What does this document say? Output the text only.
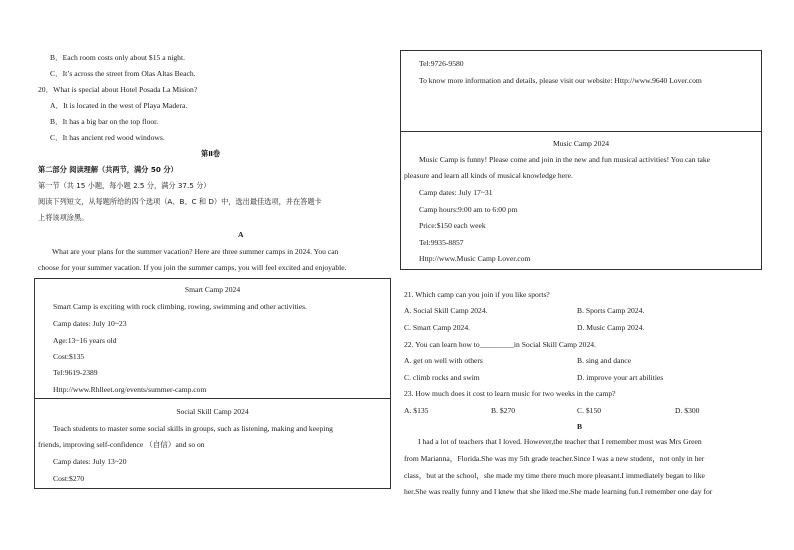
B．Each room costs only about $15 a night.
C．It’s across the street from Olas Altas Beach.
20．What is special about Hotel Posada La Mision?
A．It is located in the west of Playa Madera.
B．It has a big bar on the top floor.
C．It has ancient red wood windows.
第Ⅱ卷
第二部分 阅读理解（共两节，满分 50 分）
第一节（共 15 小题，每小题 2.5 分，满分 37.5 分）
阅读下列短文，从每题所给的四个选项（A、B、C 和 D）中，选出最佳选项，并在答题卡
上将该项涂黑。
A
What are your plans for the summer vacation? Here are three summer camps in 2024. You can
choose for your summer vacation. If you join the summer camps, you will feel excited and enjoyable.
Smart Camp 2024
Smart Camp is exciting with rock climbing, rowing, swimming and other activities.
Camp dates: July 10~23
Age:13~16 years old
Cost:$135
Tel:9619-2389
Http://www.Rhlleet.org/events/summer-camp.com
Social Skill Camp 2024
Teach students to master some social skills in groups, such as listening, making and keeping
friends, improving self-confidence （自信）and so on
Camp dates: July 13~20
Cost:$270
Tel:9726-9580
To know more information and details, please visit our website: Http://www.9640 Lover.com
Music Camp 2024
Music Camp is funny! Please come and join in the new and fun musical activities! You can take
pleasure and learn all kinds of musical knowledge here.
Camp dates: July 17~31
Camp hours:9:00 am to 6:00 pm
Price:$150 each week
Tel:9935-8857
Http://www.Music Camp Lover.com
21. Which camp can you join if you like sports?
A. Social Skill Camp 2024.	B. Sports Camp 2024.
C. Smart Camp 2024.	D. Music Camp 2024.
22. You can learn how to_________in Social Skill Camp 2024.
A. get on well with others	B. sing and dance
C. climb rocks and swim	D. improve your art abilities
23. How much does it cost to learn music for two weeks in the camp?
A. $135	B. $270	C. $150	D. $300
B
I had a lot of teachers that I loved. However,the teacher that I remember most was Mrs Green
from Marianna，Florida.She was my 5th grade teacher.Since I was a new student，not only in her
class，but at the school，she made my time there much more pleasant.I immediately began to like
her.She was really funny and I knew that she liked me.She made learning fun.I remember one day for
